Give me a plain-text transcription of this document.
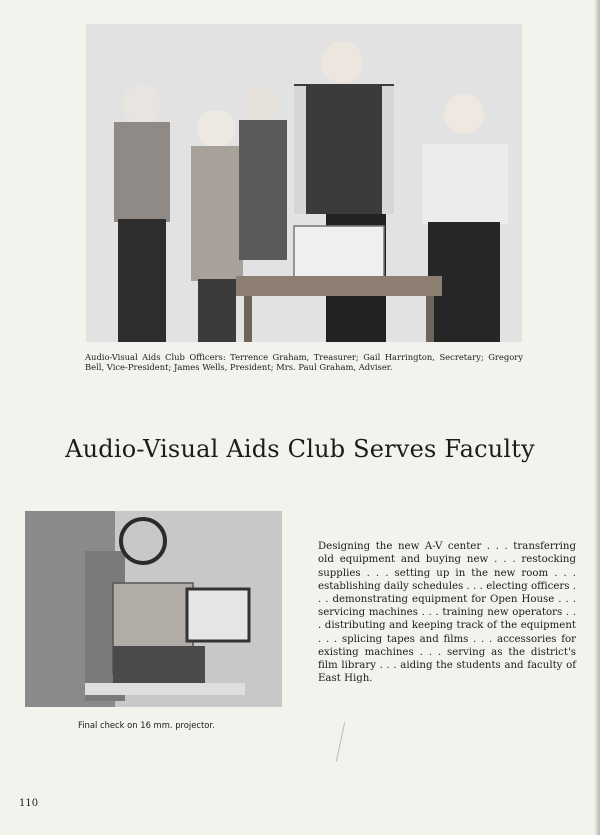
Audio-Visual Aids Club Officers: Terrence Graham, Treasurer; Gail Harrington, Secretary; Gregory Bell, Vice-President; James Wells, President; Mrs. Paul Graham, Adviser.
Audio-Visual Aids Club Serves Faculty
Final check on 16 mm. projector.

Designing the new A-V center . . . transferring old equipment and buying new . . . restocking supplies . . . setting up in the new room . . . establishing daily schedules . . . electing officers . . . demonstrating equipment for Open House . . . servicing machines . . . training new operators . . . distributing and keeping track of the equipment . . . splicing tapes and films . . . accessories for existing machines . . . serving as the district's film library . . . aiding the students and faculty of East High.

110
